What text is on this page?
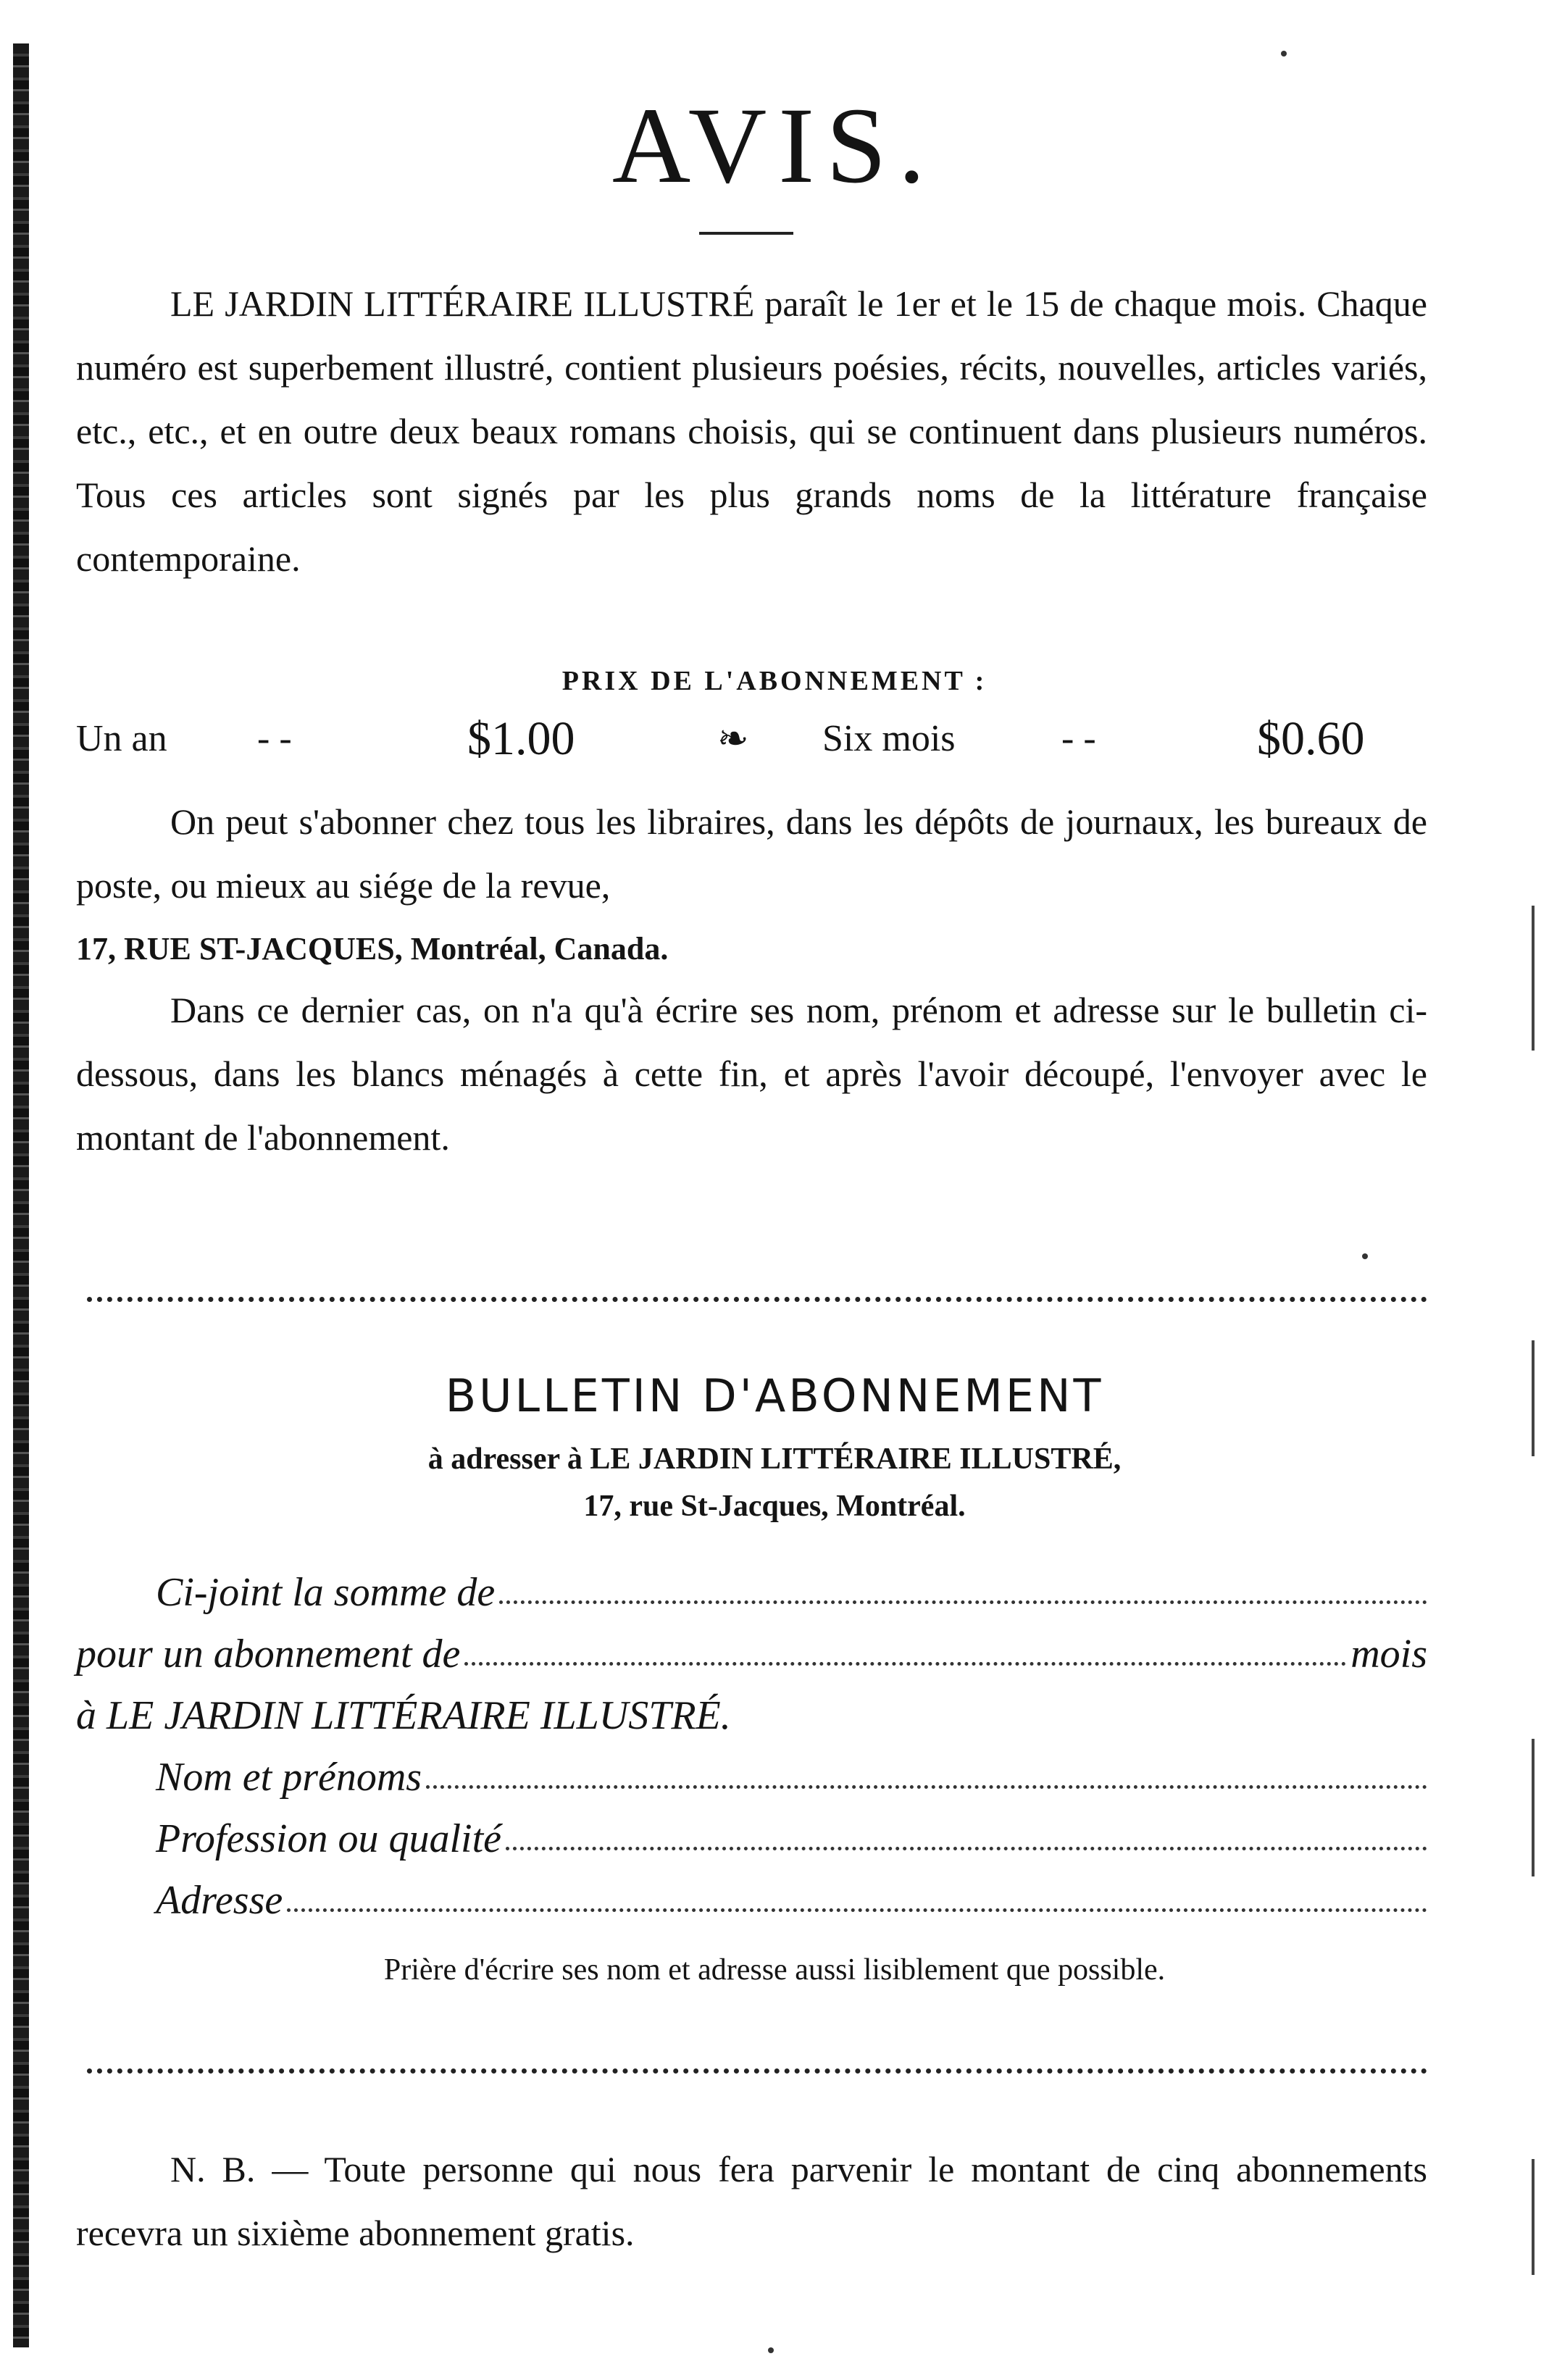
AVIS.

LE JARDIN LITTÉRAIRE ILLUSTRÉ paraît le 1er et le 15 de chaque mois. Chaque numéro est superbement illustré, contient plusieurs poésies, récits, nouvelles, articles variés, etc., etc., et en outre deux beaux romans choisis, qui se continuent dans plusieurs numéros. Tous ces articles sont signés par les plus grands noms de la littérature française contemporaine.

PRIX DE L'ABONNEMENT :
Un an - -	$1.00	❧ Six mois	- -	$0.60

On peut s'abonner chez tous les libraires, dans les dépôts de journaux, les bureaux de poste, ou mieux au siége de la revue,

17, RUE ST-JACQUES, Montréal, Canada.

Dans ce dernier cas, on n'a qu'à écrire ses nom, prénom et adresse sur le bulletin ci-dessous, dans les blancs ménagés à cette fin, et après l'avoir découpé, l'envoyer avec le montant de l'abonnement.

BULLETIN D'ABONNEMENT
à adresser à LE JARDIN LITTÉRAIRE ILLUSTRÉ,
17, rue St-Jacques, Montréal.
Ci-joint la somme de
pour un abonnement de	mois
à LE JARDIN LITTÉRAIRE ILLUSTRÉ.
Nom et prénoms
Profession ou qualité
Adresse
Prière d'écrire ses nom et adresse aussi lisiblement que possible.

N. B. — Toute personne qui nous fera parvenir le montant de cinq abonnements recevra un sixième abonnement gratis.
